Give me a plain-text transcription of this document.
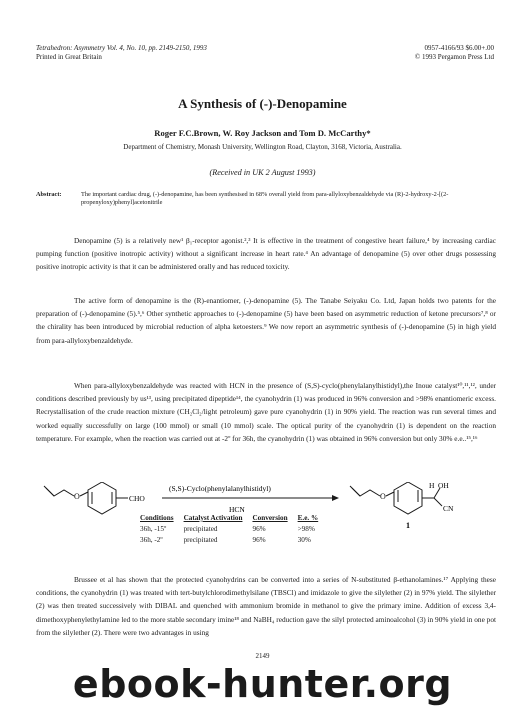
Tetrahedron: Asymmetry Vol. 4, No. 10, pp. 2149-2150, 1993
Printed in Great Britain
0957-4166/93 $6.00+.00
© 1993 Pergamon Press Ltd
A Synthesis of (-)-Denopamine
Roger F.C.Brown, W. Roy Jackson and Tom D. McCarthy*
Department of Chemistry, Monash University, Wellington Road, Clayton, 3168, Victoria, Australia.
(Received in UK 2 August 1993)
Abstract:	The important cardiac drug, (-)-denopamine, has been synthesised in 68% overall yield from para-allyloxybenzaldehyde via (R)-2-hydroxy-2-[(2-propenyloxy)phenyl]acetonitrile

Denopamine (5) is a relatively new¹ β₁-receptor agonist.²,³ It is effective in the treatment of congestive heart failure,⁴ by increasing cardiac pumping function (positive inotropic activity) without a significant increase in heart rate.⁴ An advantage of denopamine (5) over other drugs possessing positive inotropic activity is that it can be administered orally and has reduced toxicity.

The active form of denopamine is the (R)-enantiomer, (-)-denopamine (5). The Tanabe Seiyaku Co. Ltd, Japan holds two patents for the preparation of (-)-denopamine (5).⁵,⁶ Other synthetic approaches to (-)-denopamine (5) have been based on asymmetric reduction of ketone precursors⁷,⁸ or the chirality has been introduced by microbial reduction of alpha ketoesters.⁹ We now report an asymmetric synthesis of (-)-denopamine (5) in high yield from para-allyloxybenzaldehyde.

When para-allyloxybenzaldehyde was reacted with HCN in the presence of (S,S)-cyclo(phenylalanylhistidyl),the Inoue catalyst¹⁰,¹¹,¹², under conditions described previously by us¹³, using precipitated dipeptide¹⁴, the cyanohydrin (1) was produced in 96% conversion and >98% enantiomeric excess. Recrystallisation of the crude reaction mixture (CH₂Cl₂/light petroleum) gave pure cyanohydrin (1) in 90% yield. The reaction was run several times and worked equally successfully on large (100 mmol) or small (10 mmol) scale. The optical purity of the cyanohydrin (1) is dependent on the reaction temperature. For example, when the reaction was carried out at -2º for 36h, the cyanohydrin (1) was obtained in 96% conversion but only 30% e.e..¹⁵,¹⁶

O	CHO
(S,S)-Cyclo(phenylalanylhistidyl)
HCN
O
H OH
CN
1
Conditions	Catalyst Activation	Conversion	E.e. %
36h, -15º	precipitated	96%	>98%
36h, -2º	precipitated	96%	30%

Brussee et al has shown that the protected cyanohydrins can be converted into a series of N-substituted β-ethanolamines.¹⁷ Applying these conditions, the cyanohydrin (1) was treated with tert-butylchlorodimethylsilane (TBSCl) and imidazole to give the silylether (2) in 97% yield. The silylether (2) was then treated successively with DIBAL and quenched with ammonium bromide in methanol to give the primary imine. Addition of excess 3,4-dimethoxyphenylethylamine led to the more stable secondary imine¹⁸ and NaBH₄ reduction gave the silyl protected aminoalcohol (3) in 90% yield in one pot from the silylether (2). There were two advantages in using

2149
ebook-hunter.org
